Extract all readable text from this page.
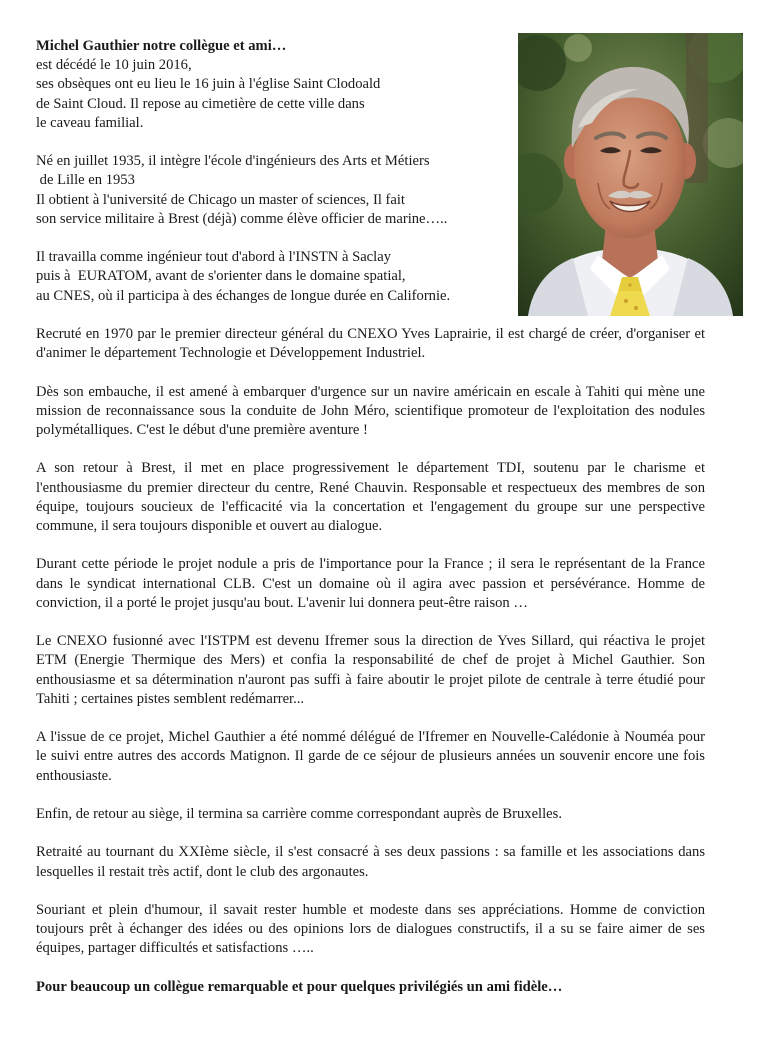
Michel Gauthier notre collègue et ami…
est décédé le 10 juin 2016,
ses obsèques ont eu lieu le 16 juin à l'église Saint Clodoald
de Saint Cloud. Il repose au cimetière de cette ville dans
le caveau familial.
Né en juillet 1935, il intègre l'école d'ingénieurs des Arts et Métiers
de Lille en 1953
Il obtient à l'université de Chicago un master of sciences, Il fait
son service militaire à Brest (déjà) comme élève officier de marine…..
Il travailla comme ingénieur tout d'abord à l'INSTN à Saclay
puis à  EURATOM, avant de s'orienter dans le domaine spatial,
au CNES, où il participa à des échanges de longue durée en Californie.

Recruté en 1970 par le premier directeur général du CNEXO Yves Laprairie, il est chargé de créer, d'organiser et d'animer le département Technologie et Développement Industriel.

Dès son embauche, il est amené à embarquer d'urgence sur un navire américain en escale à Tahiti qui mène une mission de reconnaissance sous la conduite de John Méro, scientifique promoteur de l'exploitation des nodules polymétalliques. C'est le début d'une première aventure !

A son retour à Brest, il met en place progressivement le département TDI, soutenu par le charisme et l'enthousiasme du premier directeur du centre, René Chauvin. Responsable et respectueux des membres de son équipe, toujours soucieux de l'efficacité via la concertation et l'engagement du groupe sur une perspective commune, il sera toujours disponible et ouvert au dialogue.

Durant cette période le projet nodule a pris de l'importance pour la France ; il sera le représentant de la France dans le syndicat international CLB. C'est un domaine où il agira avec passion et persévérance. Homme de conviction, il a porté le projet jusqu'au bout. L'avenir lui donnera peut-être raison …

Le CNEXO fusionné avec l'ISTPM est devenu Ifremer sous la direction de Yves Sillard, qui réactiva le projet ETM (Energie Thermique des Mers) et confia la responsabilité de chef de projet à Michel Gauthier. Son enthousiasme et sa détermination n'auront pas suffi à faire aboutir le projet pilote de centrale à terre étudié pour Tahiti ; certaines pistes semblent redémarrer...

A l'issue de ce projet, Michel Gauthier a été nommé délégué de l'Ifremer en Nouvelle-Calédonie à Nouméa pour le suivi entre autres des accords Matignon. Il garde de ce séjour de plusieurs années un souvenir encore une fois enthousiaste.

Enfin, de retour au siège, il termina sa carrière comme correspondant auprès de Bruxelles.

Retraité au tournant du XXIème siècle, il s'est consacré à ses deux passions : sa famille et les associations dans lesquelles il restait très actif, dont le club des argonautes.

Souriant et plein d'humour, il savait rester humble et modeste dans ses appréciations. Homme de conviction toujours prêt à échanger des idées ou des opinions lors de dialogues constructifs, il a su se faire aimer de ses équipes, partager difficultés et satisfactions …..

Pour beaucoup un collègue remarquable et pour quelques privilégiés un ami fidèle…
